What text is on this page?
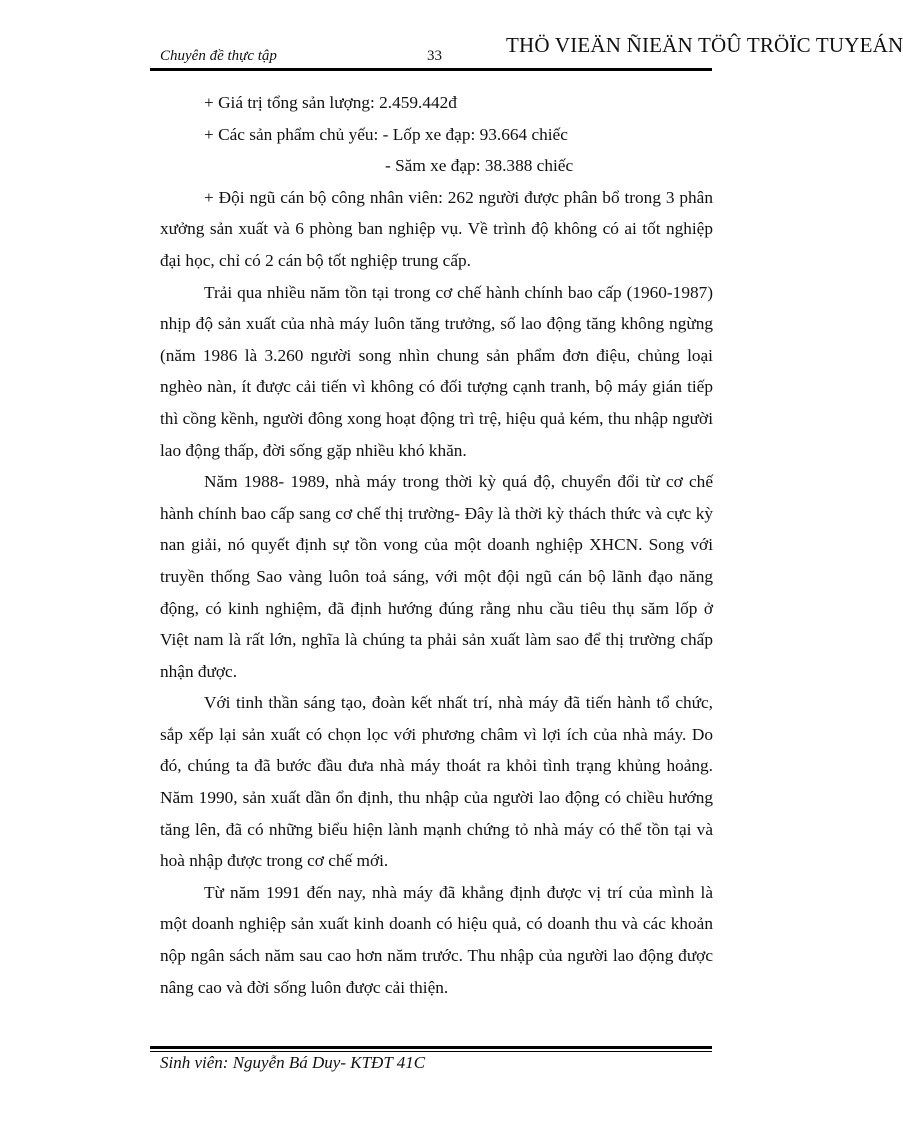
Chuyên đề thực tập	33	THÖ VIEÄN ÑIEÄN TÖÛ TRÖÏC TUYEÁN

+ Giá trị tổng sản lượng: 2.459.442đ

+ Các sản phẩm chủ yếu: - Lốp xe đạp: 93.664 chiếc

- Săm xe đạp: 38.388 chiếc

+ Đội ngũ cán bộ công nhân viên: 262 người được phân bổ trong 3 phân xưởng sản xuất và 6 phòng ban nghiệp vụ. Về trình độ không có ai tốt nghiệp đại học, chỉ có 2 cán bộ tốt nghiệp trung cấp.

Trải qua nhiều năm tồn tại trong cơ chế hành chính bao cấp (1960-1987) nhịp độ sản xuất của nhà máy luôn tăng trưởng, số lao động tăng không ngừng (năm 1986 là 3.260 người song nhìn chung sản phẩm đơn điệu, chủng loại nghèo nàn, ít được cải tiến vì không có đối tượng cạnh tranh, bộ máy gián tiếp thì cồng kềnh, người đông xong hoạt động trì trệ, hiệu quả kém, thu nhập người lao động thấp, đời sống gặp nhiều khó khăn.

Năm 1988- 1989, nhà máy trong thời kỳ quá độ, chuyển đổi từ cơ chế hành chính bao cấp sang cơ chế thị trường- Đây là thời kỳ thách thức và cực kỳ nan giải, nó quyết định sự tồn vong của một doanh nghiệp XHCN. Song với truyền thống Sao vàng luôn toả sáng, với một đội ngũ cán bộ lãnh đạo năng động, có kinh nghiệm, đã định hướng đúng rằng nhu cầu tiêu thụ săm lốp ở Việt nam là rất lớn, nghĩa là chúng ta phải sản xuất làm sao để thị trường chấp nhận được.

Với tinh thần sáng tạo, đoàn kết nhất trí, nhà máy đã tiến hành tổ chức, sắp xếp lại sản xuất có chọn lọc với phương châm vì lợi ích của nhà máy. Do đó, chúng ta đã bước đầu đưa nhà máy thoát ra khỏi tình trạng khủng hoảng. Năm 1990, sản xuất dần ổn định, thu nhập của người lao động có chiều hướng tăng lên, đã có những biểu hiện lành mạnh chứng tỏ nhà máy có thể tồn tại và hoà nhập được trong cơ chế mới.

Từ năm 1991 đến nay, nhà máy đã khẳng định được vị trí của mình là một doanh nghiệp sản xuất kinh doanh có hiệu quả, có doanh thu và các khoản nộp ngân sách năm sau cao hơn năm trước. Thu nhập của người lao động được nâng cao và đời sống luôn được cải thiện.

Sinh viên: Nguyễn Bá Duy- KTĐT 41C
